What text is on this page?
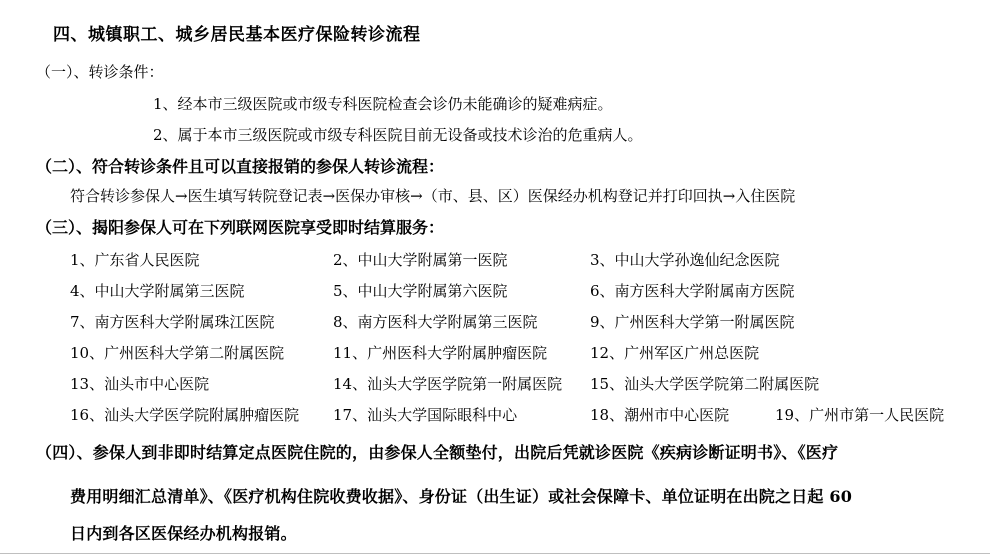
四、城镇职工、城乡居民基本医疗保险转诊流程
（一）、转诊条件：
1、经本市三级医院或市级专科医院检查会诊仍未能确诊的疑难病症。
2、属于本市三级医院或市级专科医院目前无设备或技术诊治的危重病人。
（二）、符合转诊条件且可以直接报销的参保人转诊流程：
符合转诊参保人→医生填写转院登记表→医保办审核→（市、县、区）医保经办机构登记并打印回执→入住医院
（三）、揭阳参保人可在下列联网医院享受即时结算服务：
1、广东省人民医院	2、中山大学附属第一医院	3、中山大学孙逸仙纪念医院
4、中山大学附属第三医院	5、中山大学附属第六医院	6、南方医科大学附属南方医院
7、南方医科大学附属珠江医院	8、南方医科大学附属第三医院	9、广州医科大学第一附属医院
10、广州医科大学第二附属医院	11、广州医科大学附属肿瘤医院	12、广州军区广州总医院
13、汕头市中心医院	14、汕头大学医学院第一附属医院 15、汕头大学医学院第二附属医院
16、汕头大学医学院附属肿瘤医院 17、汕头大学国际眼科中心	18、潮州市中心医院	19、广州市第一人民医院
（四）、参保人到非即时结算定点医院住院的，由参保人全额垫付，出院后凭就诊医院《疾病诊断证明书》、《医疗
费用明细汇总清单》、《医疗机构住院收费收据》、身份证（出生证）或社会保障卡、单位证明在出院之日起 60
日内到各区医保经办机构报销。
